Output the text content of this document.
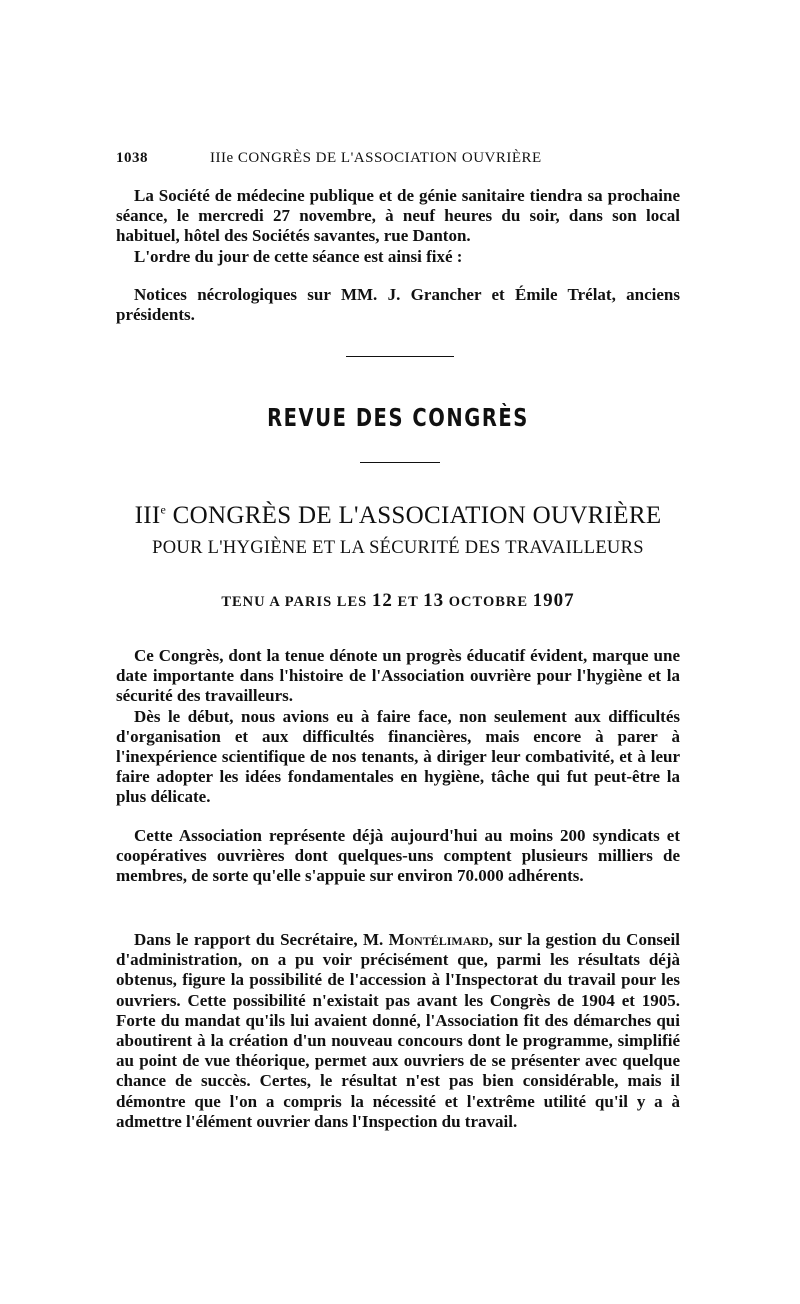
1038	IIIe CONGRÈS DE L'ASSOCIATION OUVRIÈRE

La Société de médecine publique et de génie sanitaire tiendra sa prochaine séance, le mercredi 27 novembre, à neuf heures du soir, dans son local habituel, hôtel des Sociétés savantes, rue Danton.

L'ordre du jour de cette séance est ainsi fixé :

Notices nécrologiques sur MM. J. Grancher et Émile Trélat, anciens présidents.

REVUE DES CONGRÈS
IIIe CONGRÈS DE L'ASSOCIATION OUVRIÈRE
POUR L'HYGIÈNE ET LA SÉCURITÉ DES TRAVAILLEURS
TENU A PARIS LES 12 ET 13 OCTOBRE 1907

Ce Congrès, dont la tenue dénote un progrès éducatif évident, marque une date importante dans l'histoire de l'Association ouvrière pour l'hygiène et la sécurité des travailleurs.

Dès le début, nous avions eu à faire face, non seulement aux difficultés d'organisation et aux difficultés financières, mais encore à parer à l'inexpérience scientifique de nos tenants, à diriger leur combativité, et à leur faire adopter les idées fondamentales en hygiène, tâche qui fut peut-être la plus délicate.

Cette Association représente déjà aujourd'hui au moins 200 syndicats et coopératives ouvrières dont quelques-uns comptent plusieurs milliers de membres, de sorte qu'elle s'appuie sur environ 70.000 adhérents.

Dans le rapport du Secrétaire, M. Montélimard, sur la gestion du Conseil d'administration, on a pu voir précisément que, parmi les résultats déjà obtenus, figure la possibilité de l'accession à l'Inspectorat du travail pour les ouvriers. Cette possibilité n'existait pas avant les Congrès de 1904 et 1905. Forte du mandat qu'ils lui avaient donné, l'Association fit des démarches qui aboutirent à la création d'un nouveau concours dont le programme, simplifié au point de vue théorique, permet aux ouvriers de se présenter avec quelque chance de succès. Certes, le résultat n'est pas bien considérable, mais il démontre que l'on a compris la nécessité et l'extrême utilité qu'il y a à admettre l'élément ouvrier dans l'Inspection du travail.
